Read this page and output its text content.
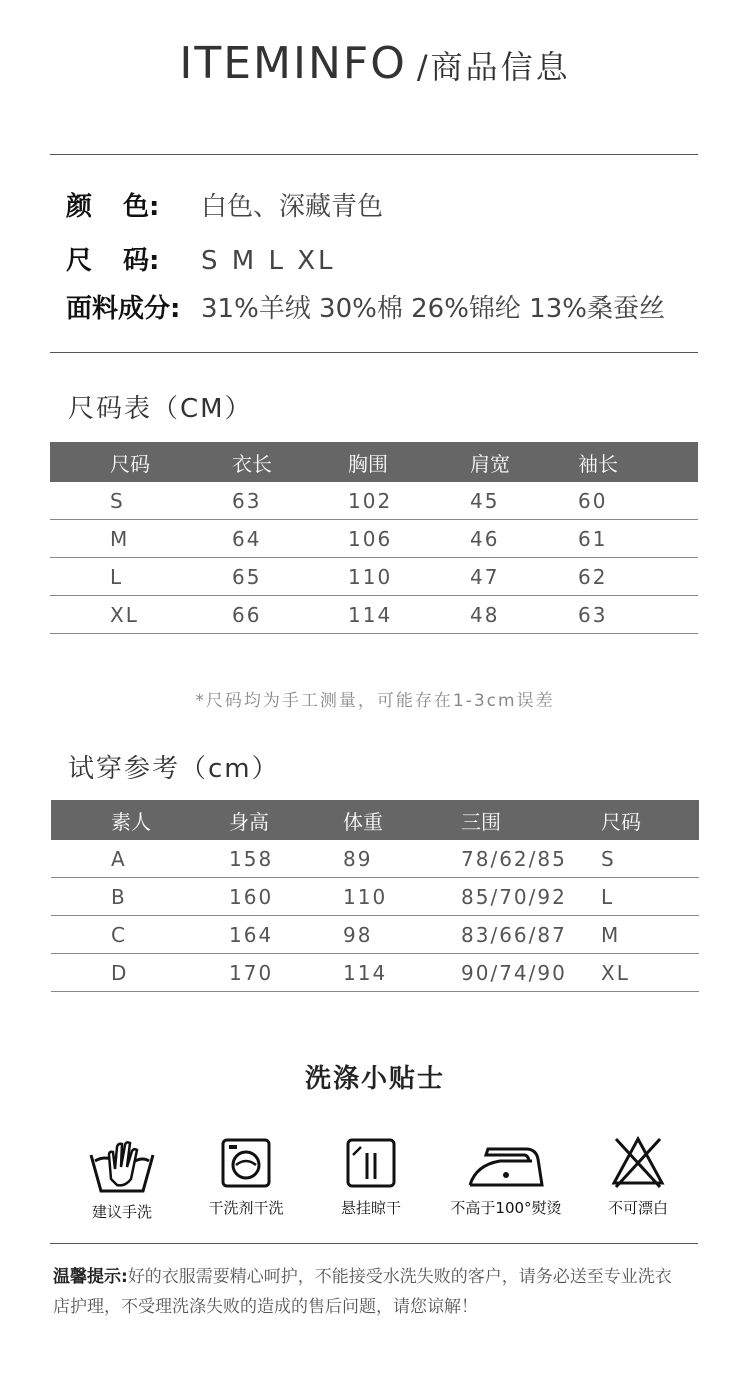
ITEMINFO /商品信息
颜 色: 白色、深藏青色
尺 码: S M L XL
面料成分: 31%羊绒 30%棉 26%锦纶 13%桑蚕丝
尺码表（CM）
	尺码	衣长	胸围	肩宽	袖长
	S	63	102	45	60
	M	64	106	46	61
	L	65	110	47	62
	XL	66	114	48	63
*尺码均为手工测量，可能存在1-3cm误差
试穿参考（cm）
	素人	身高	体重	三围	尺码
	A	158	89	78/62/85	S
	B	160	110	85/70/92	L
	C	164	98	83/66/87	M
	D	170	114	90/74/90	XL
洗涤小贴士
建议手洗	干洗剂干洗	悬挂晾干	不高于100°熨烫	不可漂白
温馨提示:好的衣服需要精心呵护，不能接受水洗失败的客户，请务必送至专业洗衣店护理，不受理洗涤失败的造成的售后问题，请您谅解！
